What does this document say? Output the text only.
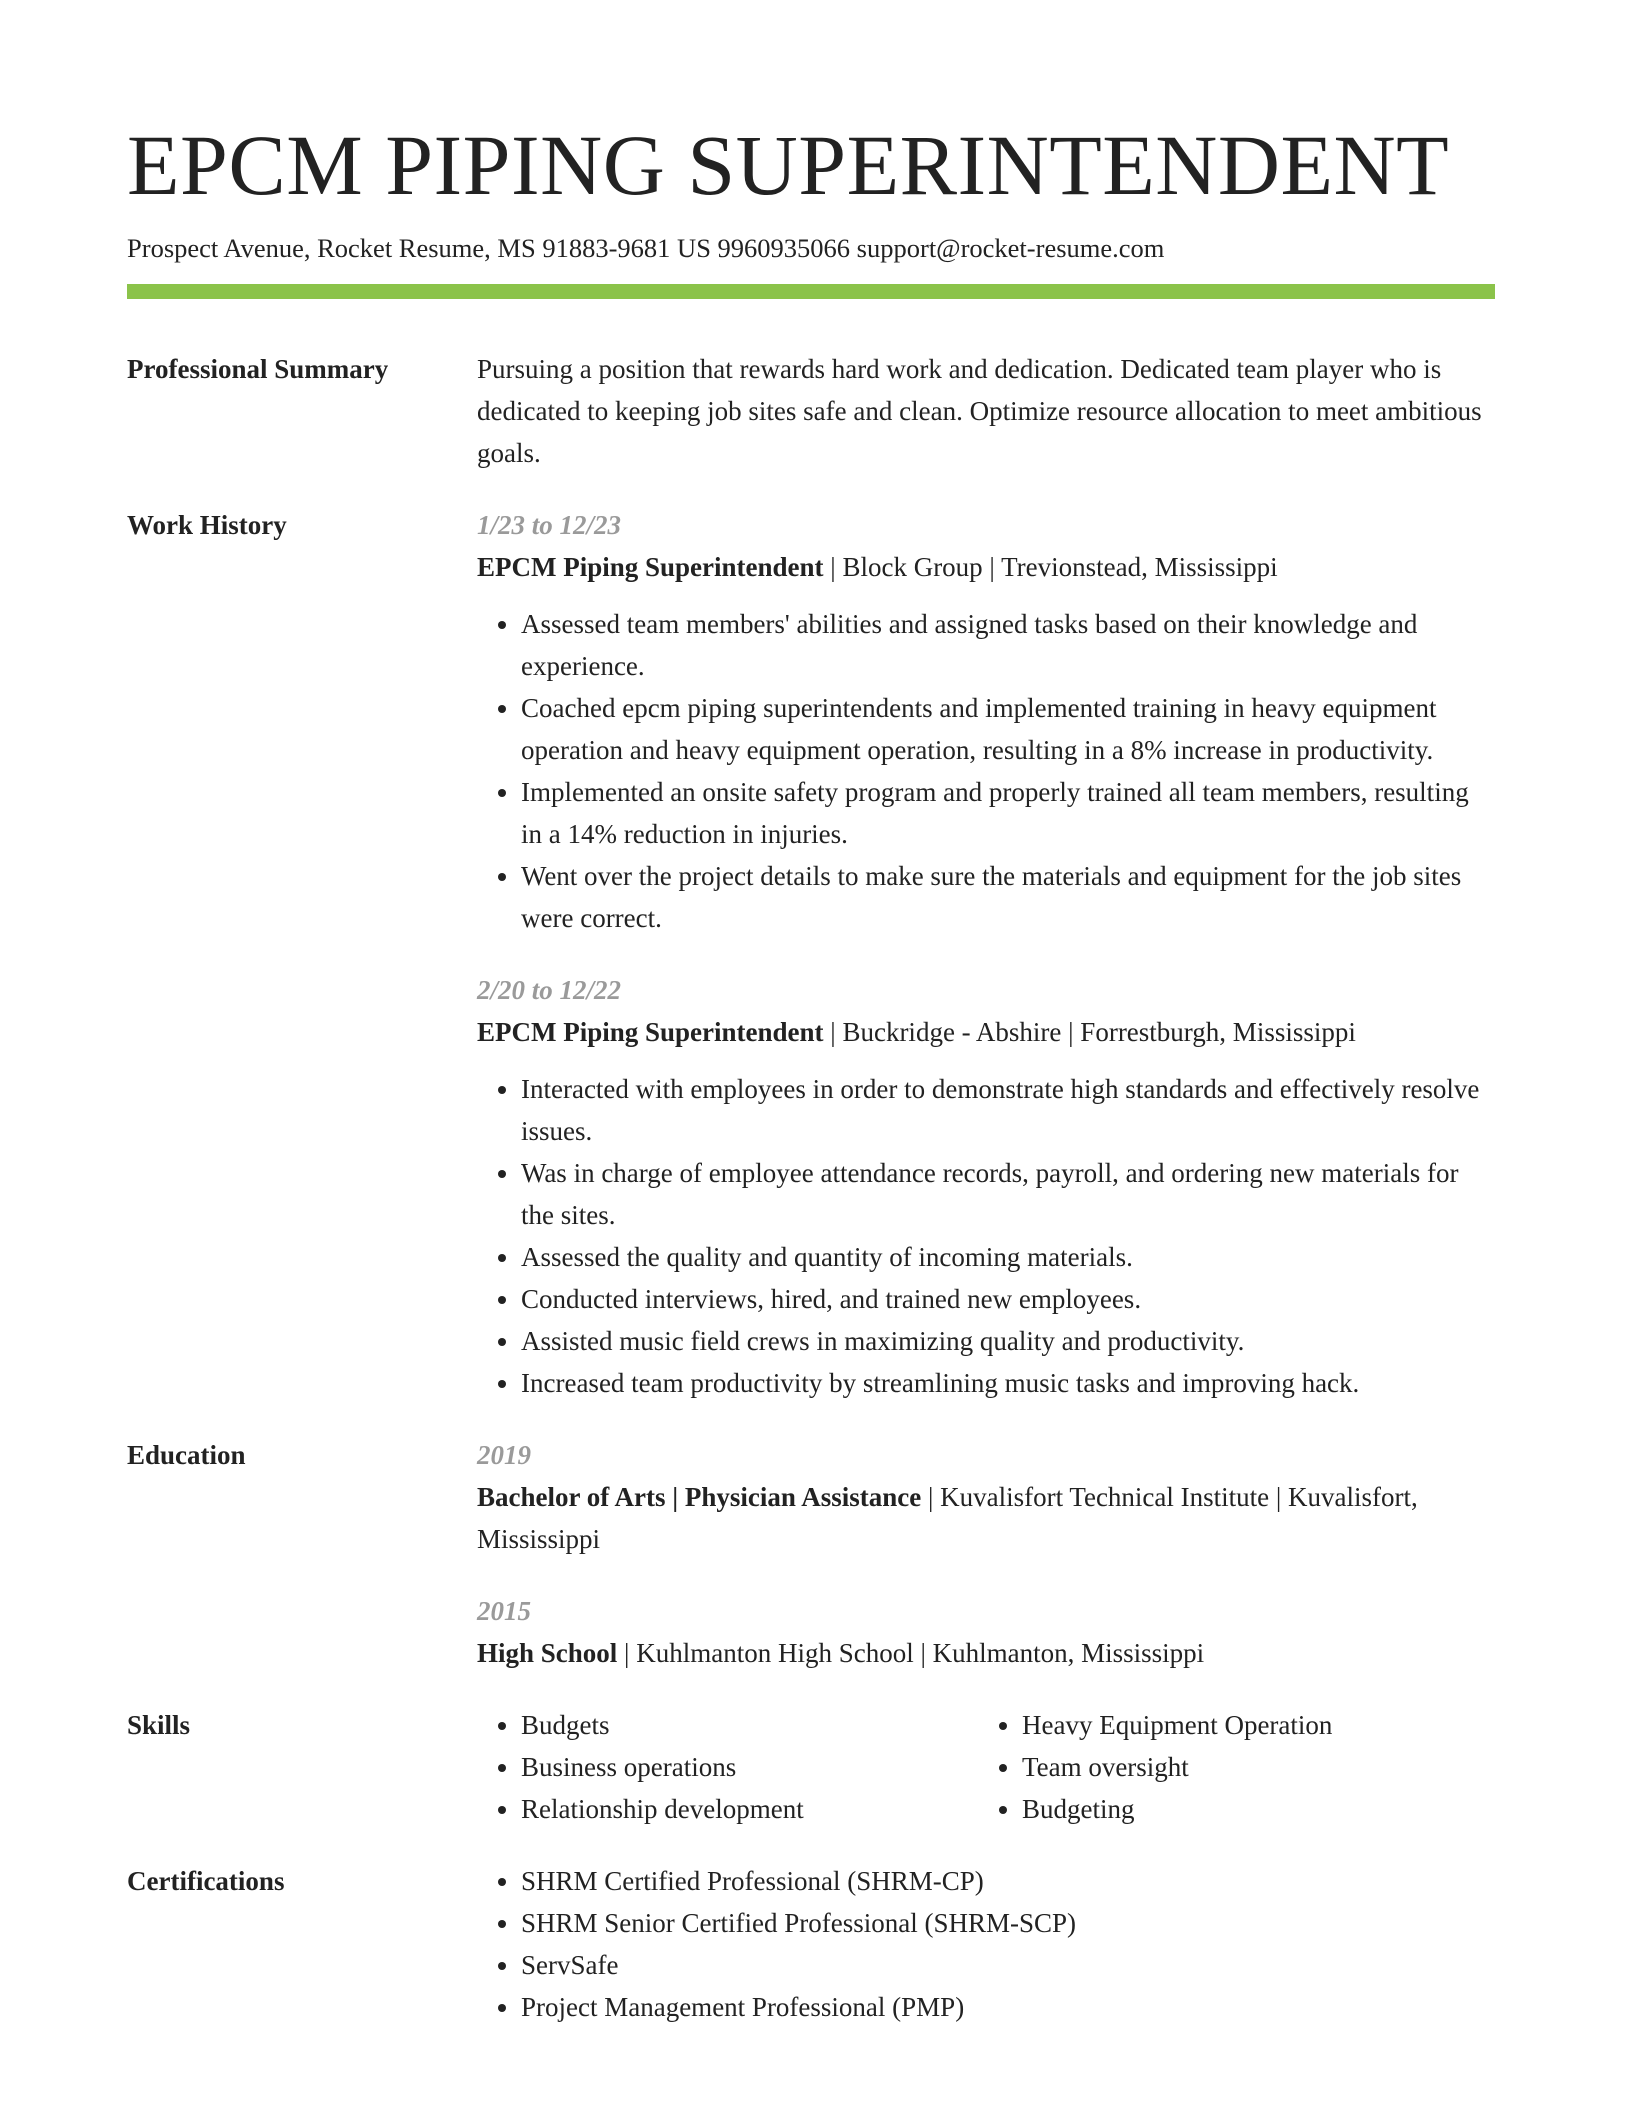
EPCM PIPING SUPERINTENDENT
Prospect Avenue, Rocket Resume, MS 91883-9681 US 9960935066 support@rocket-resume.com
Professional Summary	Pursuing a position that rewards hard work and dedication. Dedicated team player who is dedicated to keeping job sites safe and clean. Optimize resource allocation to meet ambitious goals.

Work History	1/23 to 12/23

EPCM Piping Superintendent | Block Group | Trevionstead, Mississippi

• Assessed team members' abilities and assigned tasks based on their knowledge and experience.
• Coached epcm piping superintendents and implemented training in heavy equipment operation and heavy equipment operation, resulting in a 8% increase in productivity.
• Implemented an onsite safety program and properly trained all team members, resulting in a 14% reduction in injuries.
• Went over the project details to make sure the materials and equipment for the job sites were correct.
2/20 to 12/22

EPCM Piping Superintendent | Buckridge - Abshire | Forrestburgh, Mississippi

• Interacted with employees in order to demonstrate high standards and effectively resolve issues.
• Was in charge of employee attendance records, payroll, and ordering new materials for the sites.
• Assessed the quality and quantity of incoming materials.
• Conducted interviews, hired, and trained new employees.
• Assisted music field crews in maximizing quality and productivity.
• Increased team productivity by streamlining music tasks and improving hack.
Education	2019

Bachelor of Arts | Physician Assistance | Kuvalisfort Technical Institute | Kuvalisfort, Mississippi

2015

High School | Kuhlmanton High School | Kuhlmanton, Mississippi

Skills	• Budgets
• Business operations
• Relationship development
• Heavy Equipment Operation
• Team oversight
• Budgeting
Certifications	• SHRM Certified Professional (SHRM-CP)
• SHRM Senior Certified Professional (SHRM-SCP)
• ServSafe
• Project Management Professional (PMP)
